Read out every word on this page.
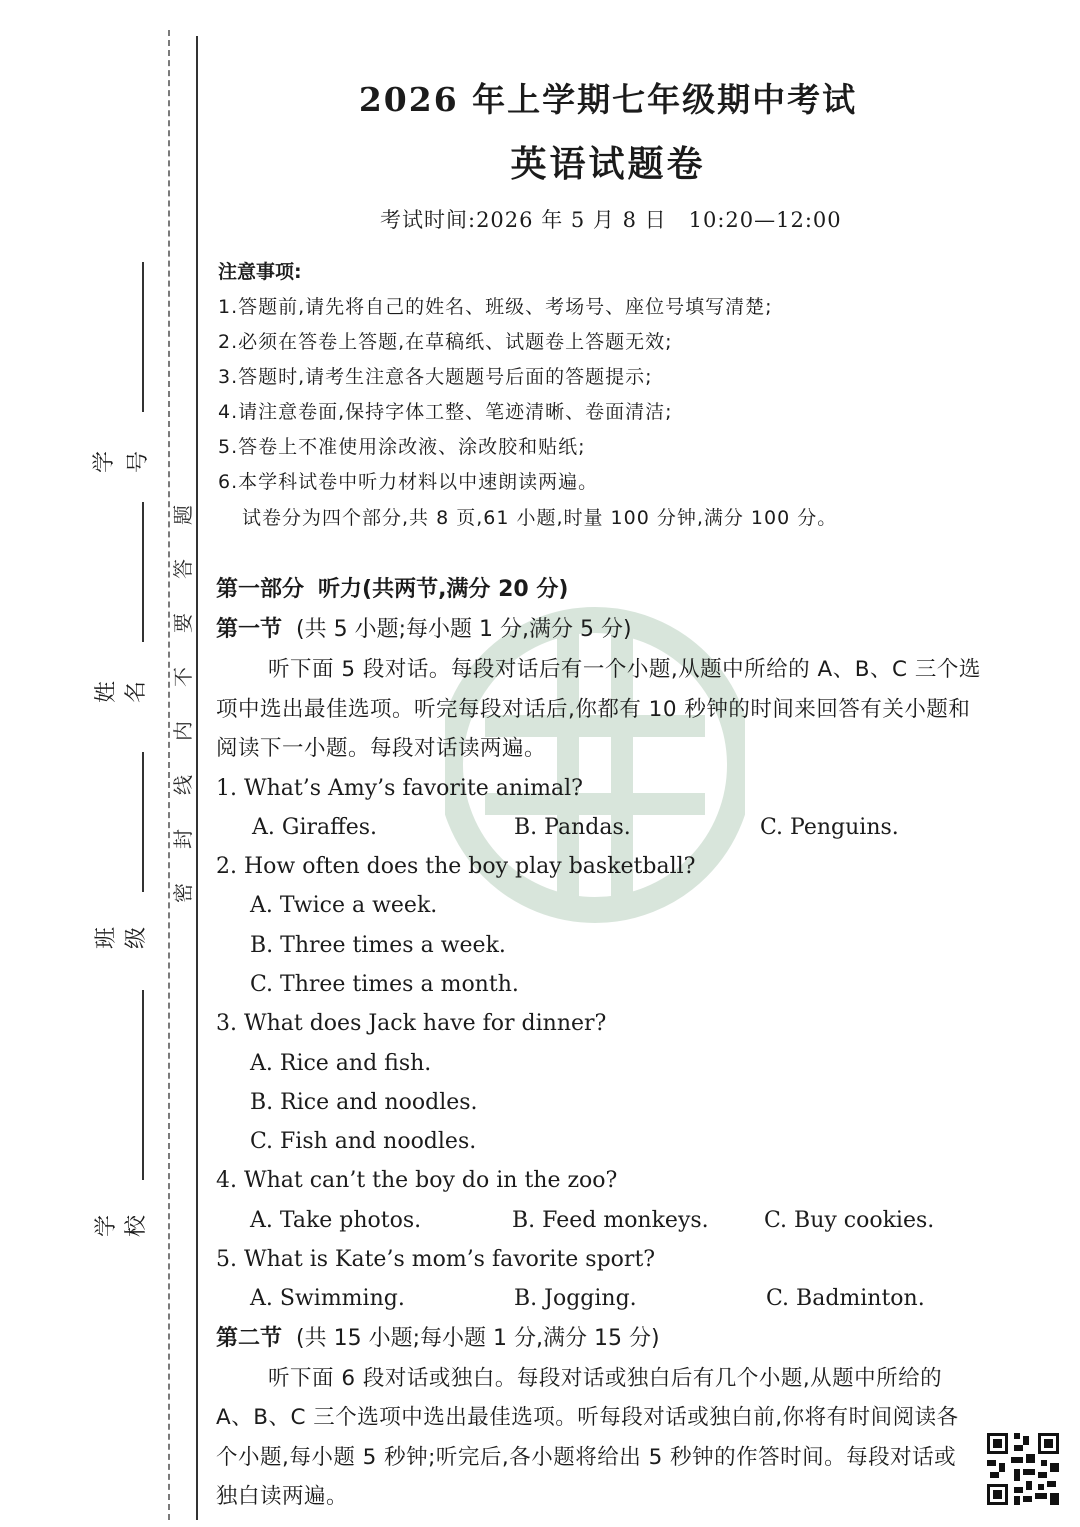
学号
姓名
班级
学校
题
答
要
不
内
线
封
密
2026 年上学期七年级期中考试
英语试题卷
考试时间:2026 年 5 月 8 日　10:20—12:00
注意事项:
1.答题前,请先将自己的姓名、班级、考场号、座位号填写清楚;
2.必须在答卷上答题,在草稿纸、试题卷上答题无效;
3.答题时,请考生注意各大题题号后面的答题提示;
4.请注意卷面,保持字体工整、笔迹清晰、卷面清洁;
5.答卷上不准使用涂改液、涂改胶和贴纸;
6.本学科试卷中听力材料以中速朗读两遍。
试卷分为四个部分,共 8 页,61 小题,时量 100 分钟,满分 100 分。
第一部分 听力(共两节,满分 20 分)
第一节 (共 5 小题;每小题 1 分,满分 5 分)
听下面 5 段对话。每段对话后有一个小题,从题中所给的 A、B、C 三个选项中选出最佳选项。听完每段对话后,你都有 10 秒钟的时间来回答有关小题和阅读下一小题。每段对话读两遍。
1. What’s Amy’s favorite animal?
A. Giraffes.	B. Pandas.	C. Penguins.
2. How often does the boy play basketball?
A. Twice a week.
B. Three times a week.
C. Three times a month.
3. What does Jack have for dinner?
A. Rice and fish.
B. Rice and noodles.
C. Fish and noodles.
4. What can’t the boy do in the zoo?
A. Take photos.	B. Feed monkeys.	C. Buy cookies.
5. What is Kate’s mom’s favorite sport?
A. Swimming.	B. Jogging.	C. Badminton.
第二节 (共 15 小题;每小题 1 分,满分 15 分)
听下面 6 段对话或独白。每段对话或独白后有几个小题,从题中所给的 A、B、C 三个选项中选出最佳选项。听每段对话或独白前,你将有时间阅读各个小题,每小题 5 秒钟;听完后,各小题将给出 5 秒钟的作答时间。每段对话或独白读两遍。
